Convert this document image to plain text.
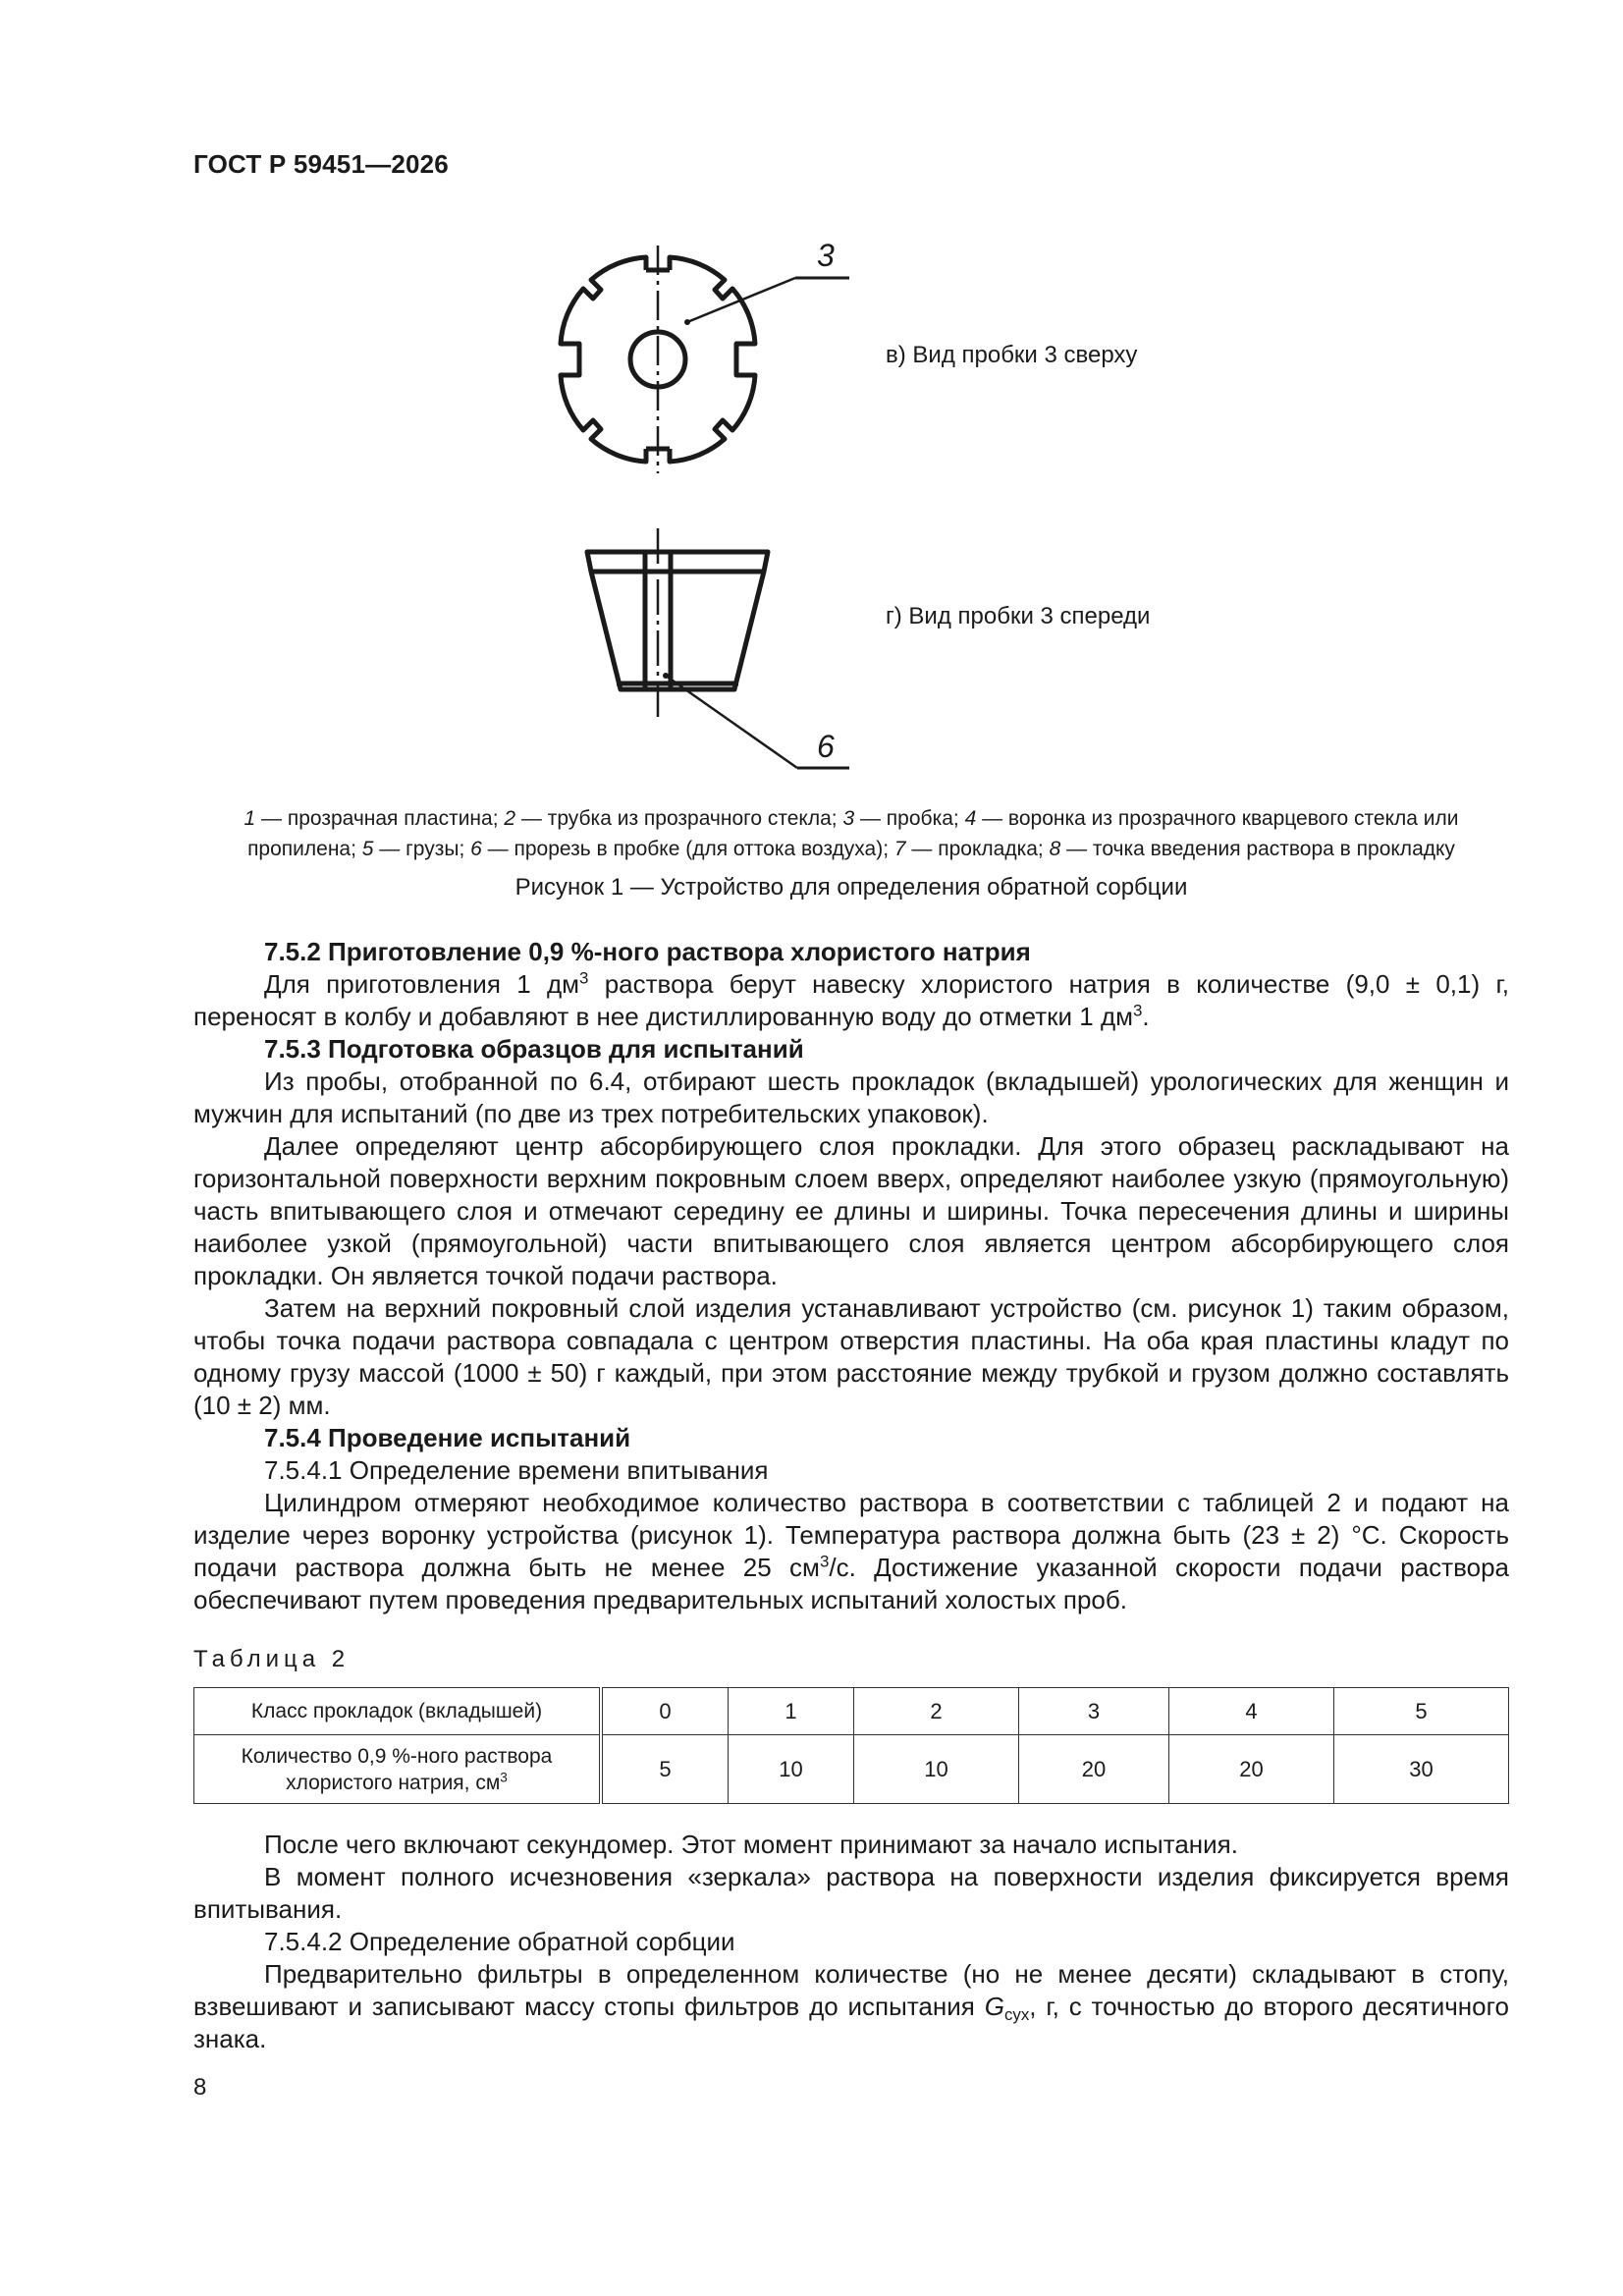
ГОСТ Р 59451—2026
3
6
в) Вид пробки 3 сверху
г) Вид пробки 3 спереди
1 — прозрачная пластина; 2 — трубка из прозрачного стекла; 3 — пробка; 4 — воронка из прозрачного кварцевого стекла или пропилена; 5 — грузы; 6 — прорезь в пробке (для оттока воздуха); 7 — прокладка; 8 — точка введения раствора в прокладку
Рисунок 1 — Устройство для определения обратной сорбции

7.5.2 Приготовление 0,9 %-ного раствора хлористого натрия

Для приготовления 1 $дм^3$ раствора берут навеску хлористого натрия в количестве (9,0 ± 0,1) г, переносят в колбу и добавляют в нее дистиллированную воду до отметки 1 $дм^3$.

7.5.3 Подготовка образцов для испытаний

Из пробы, отобранной по 6.4, отбирают шесть прокладок (вкладышей) урологических для женщин и мужчин для испытаний (по две из трех потребительских упаковок).

Далее определяют центр абсорбирующего слоя прокладки. Для этого образец раскладывают на горизонтальной поверхности верхним покровным слоем вверх, определяют наиболее узкую (прямоугольную) часть впитывающего слоя и отмечают середину ее длины и ширины. Точка пересечения длины и ширины наиболее узкой (прямоугольной) части впитывающего слоя является центром абсорбирующего слоя прокладки. Он является точкой подачи раствора.

Затем на верхний покровный слой изделия устанавливают устройство (см. рисунок 1) таким образом, чтобы точка подачи раствора совпадала с центром отверстия пластины. На оба края пластины кладут по одному грузу массой (1000 ± 50) г каждый, при этом расстояние между трубкой и грузом должно составлять (10 ± 2) мм.

7.5.4 Проведение испытаний

7.5.4.1 Определение времени впитывания

Цилиндром отмеряют необходимое количество раствора в соответствии с таблицей 2 и подают на изделие через воронку устройства (рисунок 1). Температура раствора должна быть (23 ± 2) °С. Скорость подачи раствора должна быть не менее 25 $см^3/с$. Достижение указанной скорости подачи раствора обеспечивают путем проведения предварительных испытаний холостых проб.

Таблица 2
Класс прокладок (вкладышей)	0	1	2	3	4	5
Количество 0,9 %-ного раствора хлористого натрия, $см^3$	5	10	10	20	20	30

После чего включают секундомер. Этот момент принимают за начало испытания.

В момент полного исчезновения «зеркала» раствора на поверхности изделия фиксируется время впитывания.

7.5.4.2 Определение обратной сорбции

Предварительно фильтры в определенном количестве (но не менее десяти) складывают в стопу, взвешивают и записывают массу стопы фильтров до испытания $G_{сух}$, г, с точностью до второго десятичного знака.

8
